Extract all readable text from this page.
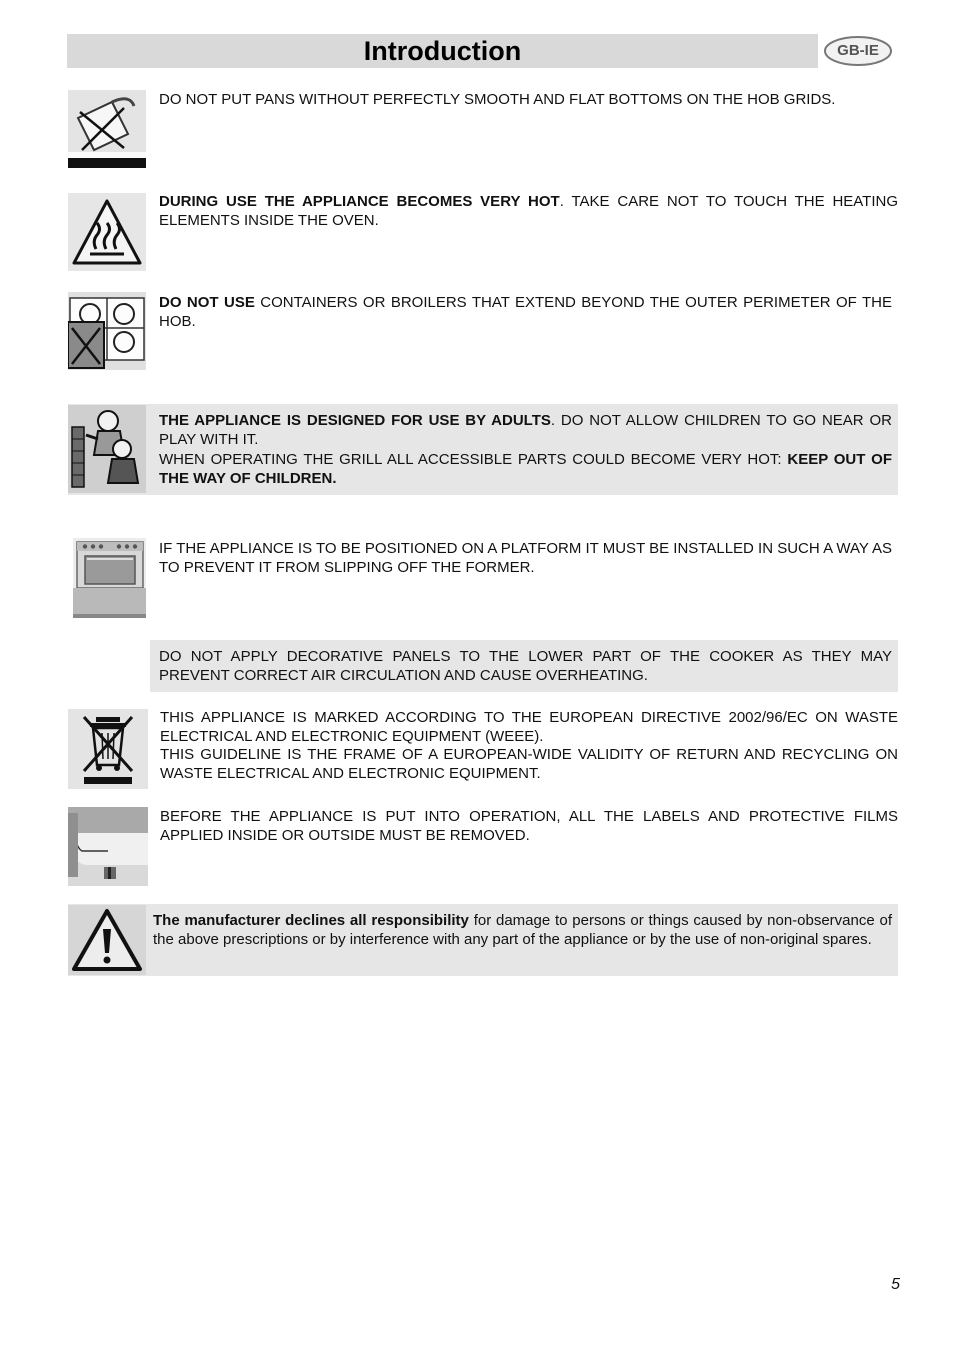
Introduction	GB-IE

DO NOT PUT PANS WITHOUT PERFECTLY SMOOTH AND FLAT BOTTOMS ON THE HOB GRIDS.

DURING USE THE APPLIANCE BECOMES VERY HOT. TAKE CARE NOT TO TOUCH THE HEATING ELEMENTS INSIDE THE OVEN.

DO NOT USE CONTAINERS OR BROILERS THAT EXTEND BEYOND THE OUTER PERIMETER OF THE HOB.

THE APPLIANCE IS DESIGNED FOR USE BY ADULTS. DO NOT ALLOW CHILDREN TO GO NEAR OR PLAY WITH IT.

WHEN OPERATING THE GRILL ALL ACCESSIBLE PARTS COULD BECOME VERY HOT: KEEP OUT OF THE WAY OF CHILDREN.

IF THE APPLIANCE IS TO BE POSITIONED ON A PLATFORM IT MUST BE INSTALLED IN SUCH A WAY AS TO PREVENT IT FROM SLIPPING OFF THE FORMER.

DO NOT APPLY DECORATIVE PANELS TO THE LOWER PART OF THE COOKER AS THEY MAY PREVENT CORRECT AIR CIRCULATION AND CAUSE OVERHEATING.

THIS APPLIANCE IS MARKED ACCORDING TO THE EUROPEAN DIRECTIVE 2002/96/EC ON WASTE ELECTRICAL AND ELECTRONIC EQUIPMENT (WEEE).

THIS GUIDELINE IS THE FRAME OF A EUROPEAN-WIDE VALIDITY OF RETURN AND RECYCLING ON WASTE ELECTRICAL AND ELECTRONIC EQUIPMENT.

BEFORE THE APPLIANCE IS PUT INTO OPERATION, ALL THE LABELS AND PROTECTIVE FILMS APPLIED INSIDE OR OUTSIDE MUST BE REMOVED.

The manufacturer declines all responsibility for damage to persons or things caused by non-observance of the above prescriptions or by interference with any part of the appliance or by the use of non-original spares.

5
